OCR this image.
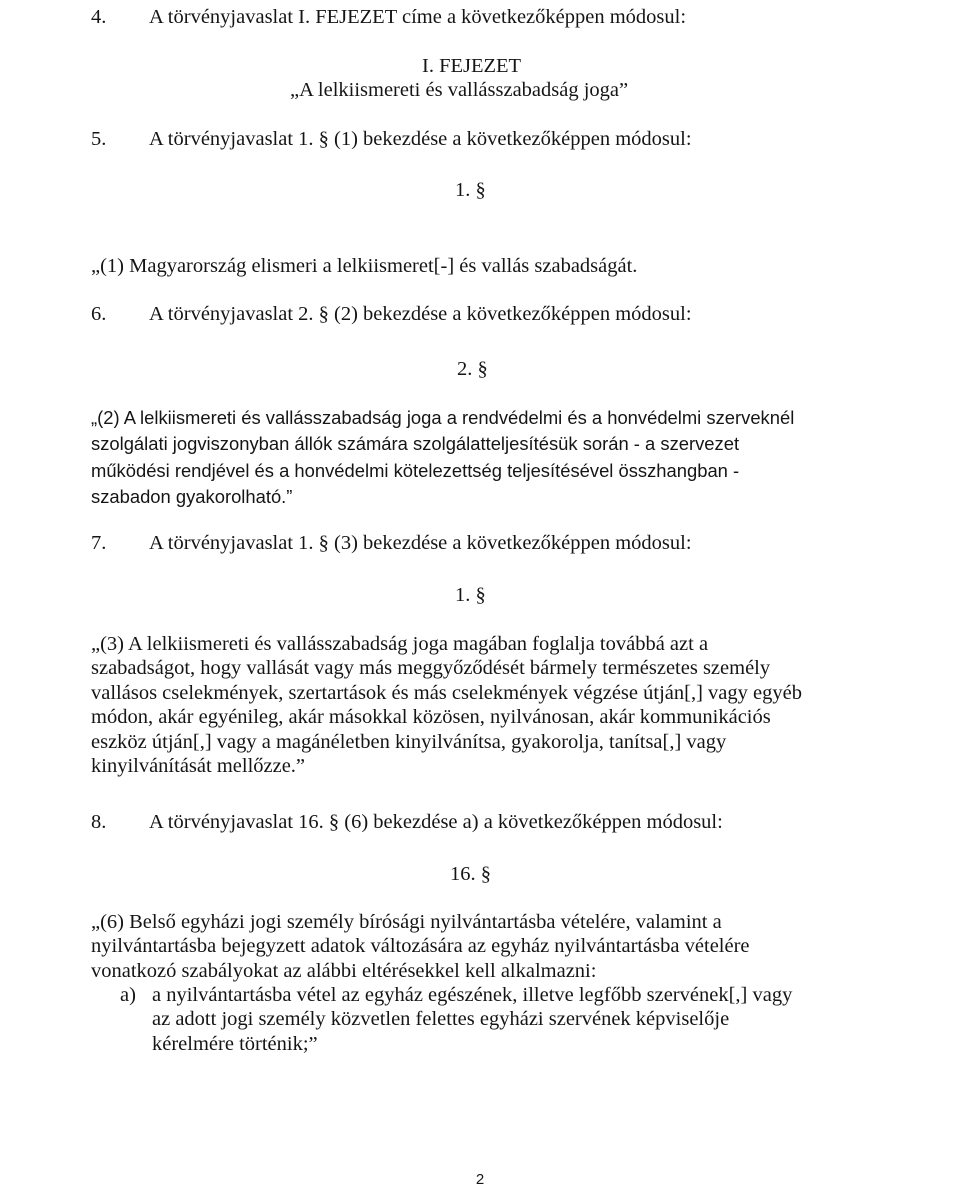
4. A törvényjavaslat I. FEJEZET címe a következőképpen módosul:
I. FEJEZET
„A lelkiismereti és vallásszabadság joga”
5. A törvényjavaslat 1. § (1) bekezdése a következőképpen módosul:
1. §
„(1) Magyarország elismeri a lelkiismeret[-] és vallás szabadságát.
6. A törvényjavaslat 2. § (2) bekezdése a következőképpen módosul:
2. §

„(2) A lelkiismereti és vallásszabadság joga a rendvédelmi és a honvédelmi szerveknél

szolgálati jogviszonyban állók számára szolgálatteljesítésük során - a szervezet

működési rendjével és a honvédelmi kötelezettség teljesítésével összhangban -

szabadon gyakorolható.”

7. A törvényjavaslat 1. § (3) bekezdése a következőképpen módosul:
1. §

„(3) A lelkiismereti és vallásszabadság joga magában foglalja továbbá azt a

szabadságot, hogy vallását vagy más meggyőződését bármely természetes személy

vallásos cselekmények, szertartások és más cselekmények végzése útján[,] vagy egyéb

módon, akár egyénileg, akár másokkal közösen, nyilvánosan, akár kommunikációs

eszköz útján[,] vagy a magánéletben kinyilvánítsa, gyakorolja, tanítsa[,] vagy

kinyilvánítását mellőzze.”

8. A törvényjavaslat 16. § (6) bekezdése a) a következőképpen módosul:
16. §

„(6) Belső egyházi jogi személy bírósági nyilvántartásba vételére, valamint a

nyilvántartásba bejegyzett adatok változására az egyház nyilvántartásba vételére

vonatkozó szabályokat az alábbi eltérésekkel kell alkalmazni:

a) a nyilvántartásba vétel az egyház egészének, illetve legfőbb szervének[,] vagy

az adott jogi személy közvetlen felettes egyházi szervének képviselője

kérelmére történik;”

2
